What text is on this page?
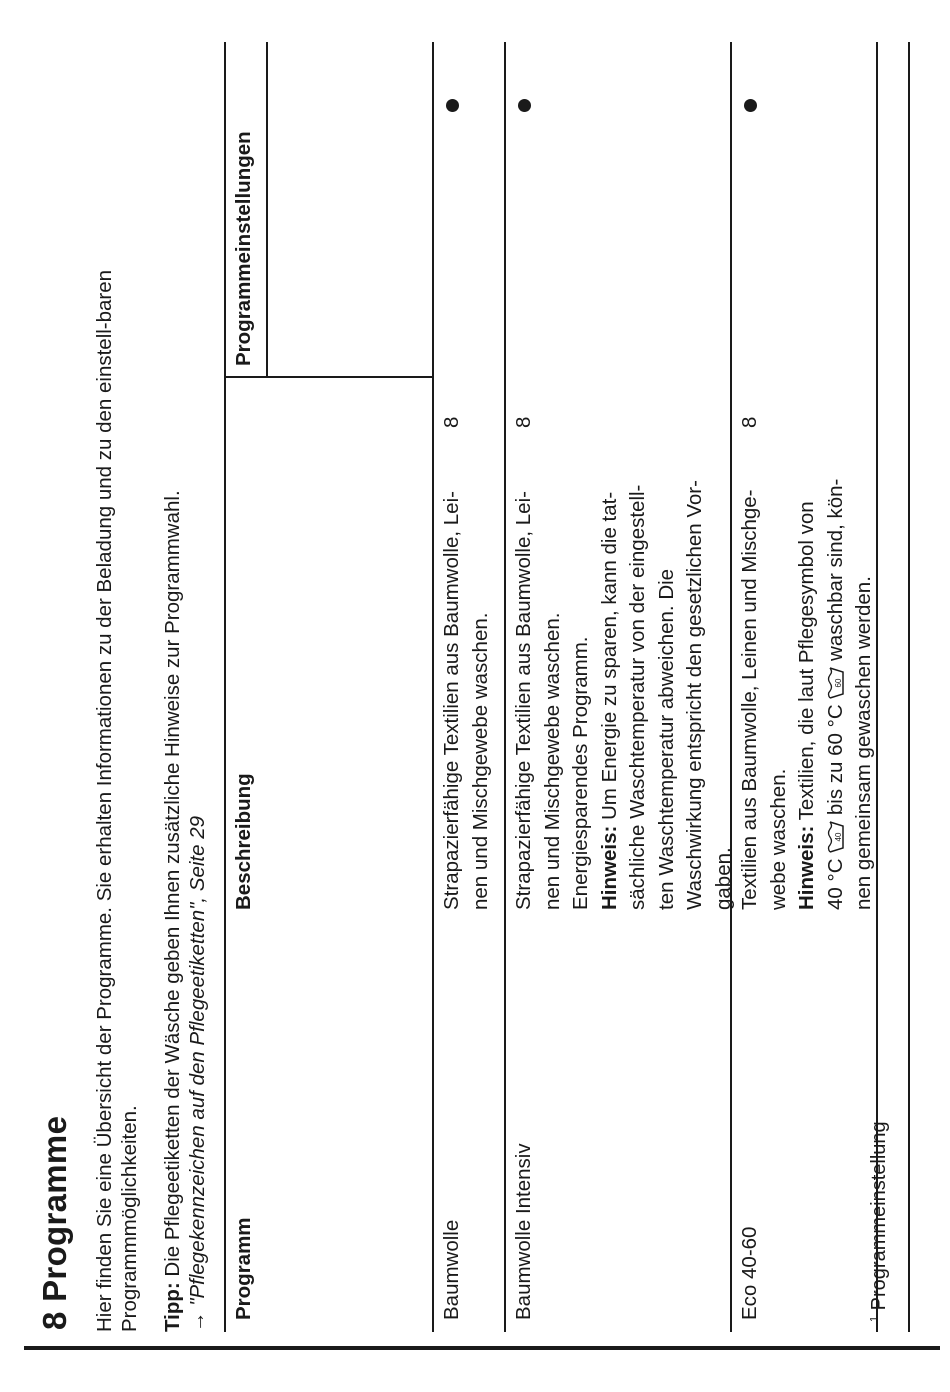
8 Programme Hier finden Sie eine Übersicht der Programme. Sie erhalten Informationen zu der Beladung und zu den einstell-baren Programmmöglichkeiten. Tipp: Die Pflegeetiketten der Wäsche geben Ihnen zusätzliche Hinweise zur Programmwahl.
→ "Pflegekennzeichen auf den Pflegeetiketten", Seite 29 Programm
Beschreibung
Programmeinstellungen
Baumwolle
Strapazierfähige Textilien aus Baumwolle, Lei- nen und Mischgewebe waschen.
8
Baumwolle Intensiv
Strapazierfähige Textilien aus Baumwolle, Lei- nen und Mischgewebe waschen. Energiesparendes Programm. Hinweis: Um Energie zu sparen, kann die tat- sächliche Waschtemperatur von der eingestell- ten Waschtemperatur abweichen. Die Waschwirkung entspricht den gesetzlichen Vor- gaben.
8
Eco 40-60
Textilien aus Baumwolle, Leinen und Mischge- webe waschen. Hinweis: Textilien, die laut Pflegesymbol von
40 °C
40
bis zu 60 °C
60
waschbar sind, kön-
nen gemeinsam gewaschen werden.
8
$^1$ Programmeinstellung
